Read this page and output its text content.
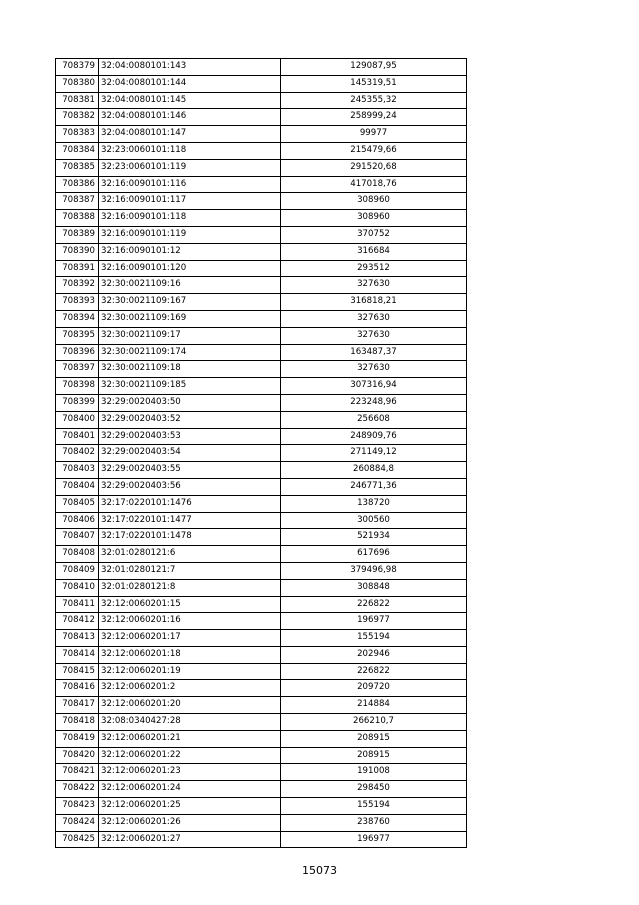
708379	32:04:0080101:143	129087,95
708380	32:04:0080101:144	145319,51
708381	32:04:0080101:145	245355,32
708382	32:04:0080101:146	258999,24
708383	32:04:0080101:147	99977
708384	32:23:0060101:118	215479,66
708385	32:23:0060101:119	291520,68
708386	32:16:0090101:116	417018,76
708387	32:16:0090101:117	308960
708388	32:16:0090101:118	308960
708389	32:16:0090101:119	370752
708390	32:16:0090101:12	316684
708391	32:16:0090101:120	293512
708392	32:30:0021109:16	327630
708393	32:30:0021109:167	316818,21
708394	32:30:0021109:169	327630
708395	32:30:0021109:17	327630
708396	32:30:0021109:174	163487,37
708397	32:30:0021109:18	327630
708398	32:30:0021109:185	307316,94
708399	32:29:0020403:50	223248,96
708400	32:29:0020403:52	256608
708401	32:29:0020403:53	248909,76
708402	32:29:0020403:54	271149,12
708403	32:29:0020403:55	260884,8
708404	32:29:0020403:56	246771,36
708405	32:17:0220101:1476	138720
708406	32:17:0220101:1477	300560
708407	32:17:0220101:1478	521934
708408	32:01:0280121:6	617696
708409	32:01:0280121:7	379496,98
708410	32:01:0280121:8	308848
708411	32:12:0060201:15	226822
708412	32:12:0060201:16	196977
708413	32:12:0060201:17	155194
708414	32:12:0060201:18	202946
708415	32:12:0060201:19	226822
708416	32:12:0060201:2	209720
708417	32:12:0060201:20	214884
708418	32:08:0340427:28	266210,7
708419	32:12:0060201:21	208915
708420	32:12:0060201:22	208915
708421	32:12:0060201:23	191008
708422	32:12:0060201:24	298450
708423	32:12:0060201:25	155194
708424	32:12:0060201:26	238760
708425	32:12:0060201:27	196977
15073
